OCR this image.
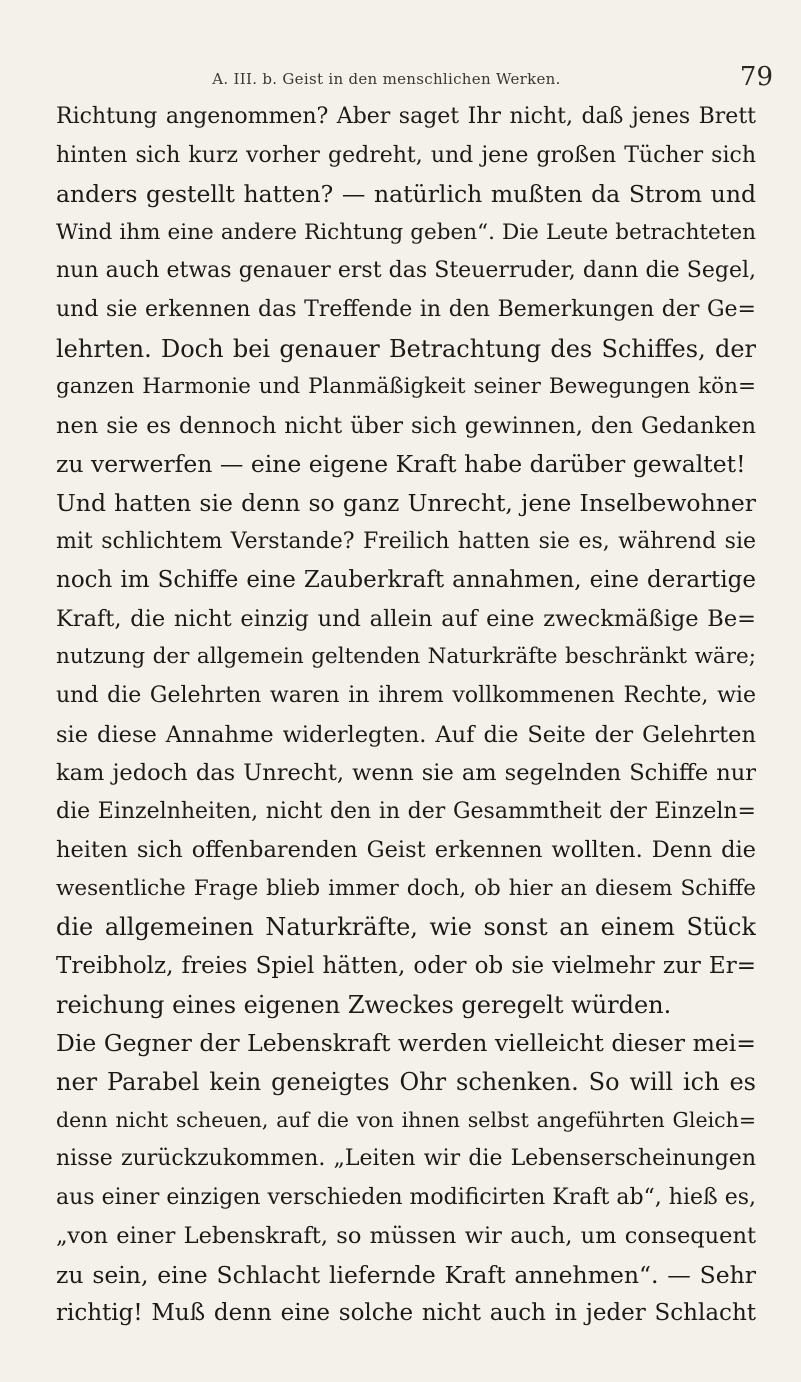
A. III. b. Geist in den menschlichen Werken.	79
Richtung angenommen? Aber saget Ihr nicht, daß jenes Brett
hinten sich kurz vorher gedreht, und jene großen Tücher sich
anders gestellt hatten? — natürlich mußten da Strom und
Wind ihm eine andere Richtung geben“. Die Leute betrachteten
nun auch etwas genauer erst das Steuerruder, dann die Segel,
und sie erkennen das Treffende in den Bemerkungen der Ge=
lehrten. Doch bei genauer Betrachtung des Schiffes, der
ganzen Harmonie und Planmäßigkeit seiner Bewegungen kön=
nen sie es dennoch nicht über sich gewinnen, den Gedanken
zu verwerfen — eine eigene Kraft habe darüber gewaltet!
Und hatten sie denn so ganz Unrecht, jene Inselbewohner
mit schlichtem Verstande? Freilich hatten sie es, während sie
noch im Schiffe eine Zauberkraft annahmen, eine derartige
Kraft, die nicht einzig und allein auf eine zweckmäßige Be=
nutzung der allgemein geltenden Naturkräfte beschränkt wäre;
und die Gelehrten waren in ihrem vollkommenen Rechte, wie
sie diese Annahme widerlegten. Auf die Seite der Gelehrten
kam jedoch das Unrecht, wenn sie am segelnden Schiffe nur
die Einzelnheiten, nicht den in der Gesammtheit der Einzeln=
heiten sich offenbarenden Geist erkennen wollten. Denn die
wesentliche Frage blieb immer doch, ob hier an diesem Schiffe
die allgemeinen Naturkräfte, wie sonst an einem Stück
Treibholz, freies Spiel hätten, oder ob sie vielmehr zur Er=
reichung eines eigenen Zweckes geregelt würden.
Die Gegner der Lebenskraft werden vielleicht dieser mei=
ner Parabel kein geneigtes Ohr schenken. So will ich es
denn nicht scheuen, auf die von ihnen selbst angeführten Gleich=
nisse zurückzukommen. „Leiten wir die Lebenserscheinungen
aus einer einzigen verschieden modificirten Kraft ab“, hieß es,
„von einer Lebenskraft, so müssen wir auch, um consequent
zu sein, eine Schlacht liefernde Kraft annehmen“. — Sehr
richtig! Muß denn eine solche nicht auch in jeder Schlacht
